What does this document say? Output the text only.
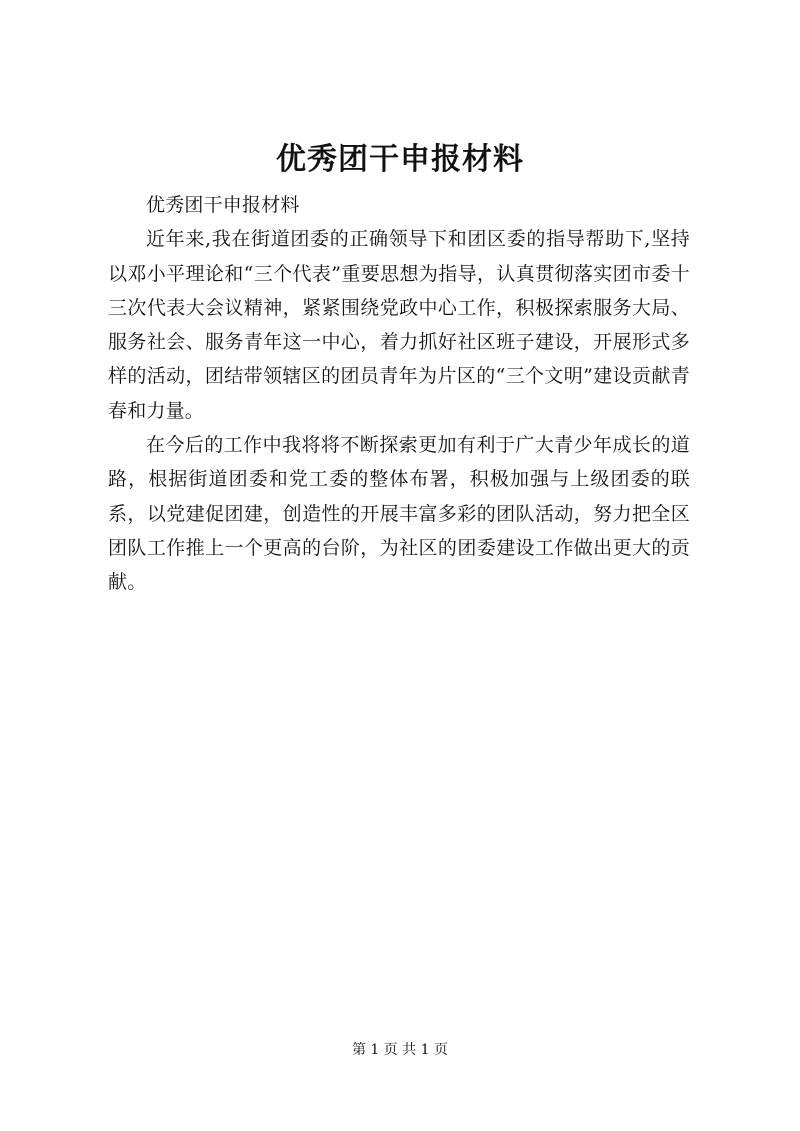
优秀团干申报材料

优秀团干申报材料

近年来,我在街道团委的正确领导下和团区委的指导帮助下,坚持以邓小平理论和“三个代表”重要思想为指导，认真贯彻落实团市委十三次代表大会议精神，紧紧围绕党政中心工作，积极探索服务大局、服务社会、服务青年这一中心，着力抓好社区班子建设，开展形式多样的活动，团结带领辖区的团员青年为片区的“三个文明”建设贡献青春和力量。

在今后的工作中我将将不断探索更加有利于广大青少年成长的道路，根据街道团委和党工委的整体布署，积极加强与上级团委的联系，以党建促团建，创造性的开展丰富多彩的团队活动，努力把全区团队工作推上一个更高的台阶，为社区的团委建设工作做出更大的贡献。

第 1 页 共 1 页
